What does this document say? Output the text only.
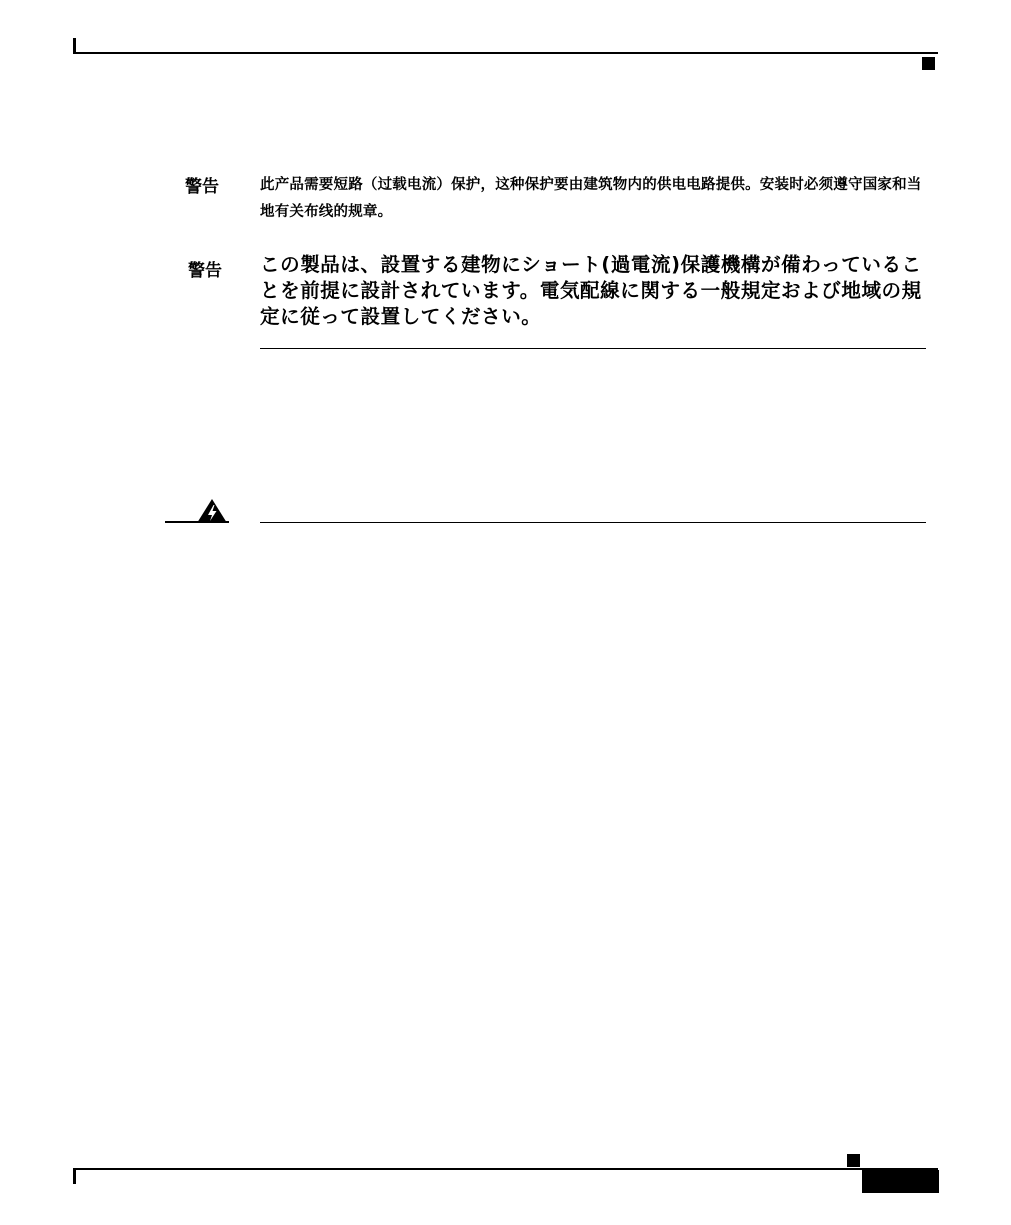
警告	此产品需要短路（过载电流）保护，这种保护要由建筑物内的供电电路提供。安装时必须遵守国家和当地有关布线的规章。
警告 この製品は、設置する建物にショート(過電流)保護機構が備わっていることを前提に設計されています。電気配線に関する一般規定および地域の規定に従って設置してください。
